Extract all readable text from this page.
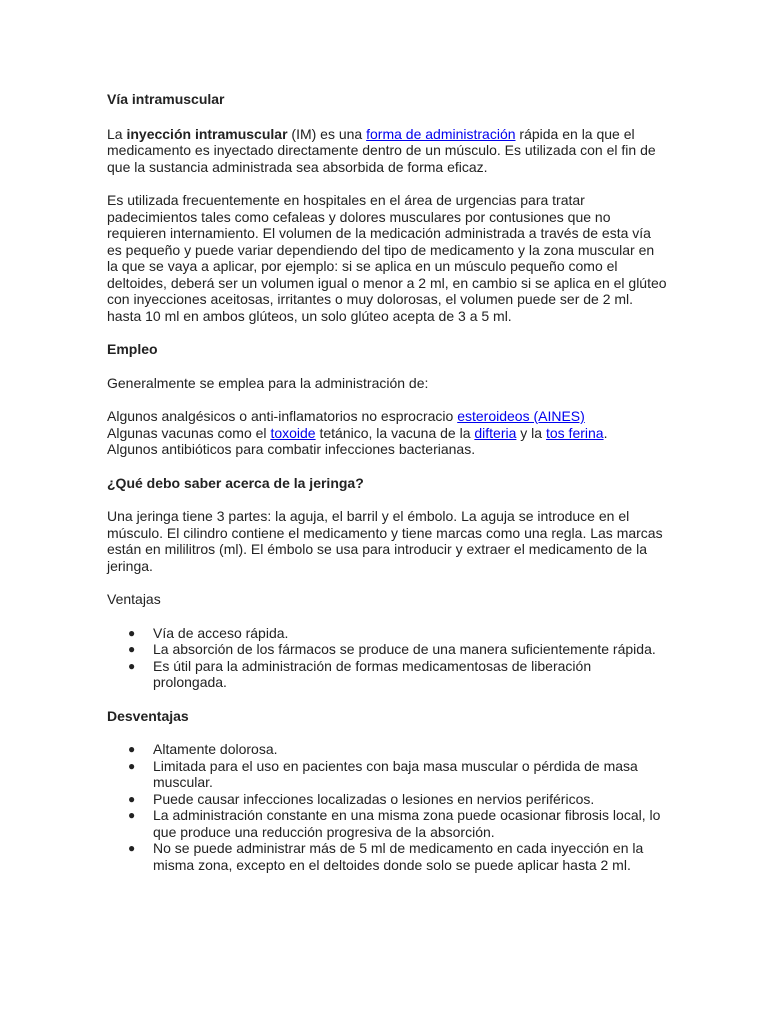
Vía intramuscular

La inyección intramuscular (IM) es una forma de administración rápida en la que el medicamento es inyectado directamente dentro de un músculo. Es utilizada con el fin de que la sustancia administrada sea absorbida de forma eficaz.

Es utilizada frecuentemente en hospitales en el área de urgencias para tratar padecimientos tales como cefaleas y dolores musculares por contusiones que no requieren internamiento. El volumen de la medicación administrada a través de esta vía es pequeño y puede variar dependiendo del tipo de medicamento y la zona muscular en la que se vaya a aplicar, por ejemplo: si se aplica en un músculo pequeño como el deltoides, deberá ser un volumen igual o menor a 2 ml, en cambio si se aplica en el glúteo con inyecciones aceitosas, irritantes o muy dolorosas, el volumen puede ser de 2 ml. hasta 10 ml en ambos glúteos, un solo glúteo acepta de 3 a 5 ml.

Empleo

Generalmente se emplea para la administración de:

Algunos analgésicos o anti-inflamatorios no esprocracio esteroideos (AINES)
Algunas vacunas como el toxoide tetánico, la vacuna de la difteria y la tos ferina.
Algunos antibióticos para combatir infecciones bacterianas.
¿Qué debo saber acerca de la jeringa?

Una jeringa tiene 3 partes: la aguja, el barril y el émbolo. La aguja se introduce en el músculo. El cilindro contiene el medicamento y tiene marcas como una regla. Las marcas están en mililitros (ml). El émbolo se usa para introducir y extraer el medicamento de la jeringa.

Ventajas

● Vía de acceso rápida.
● La absorción de los fármacos se produce de una manera suficientemente rápida.
● Es útil para la administración de formas medicamentosas de liberación prolongada.
Desventajas
● Altamente dolorosa.
● Limitada para el uso en pacientes con baja masa muscular o pérdida de masa muscular.
● Puede causar infecciones localizadas o lesiones en nervios periféricos.
● La administración constante en una misma zona puede ocasionar fibrosis local, lo que produce una reducción progresiva de la absorción.
● No se puede administrar más de 5 ml de medicamento en cada inyección en la misma zona, excepto en el deltoides donde solo se puede aplicar hasta 2 ml.
